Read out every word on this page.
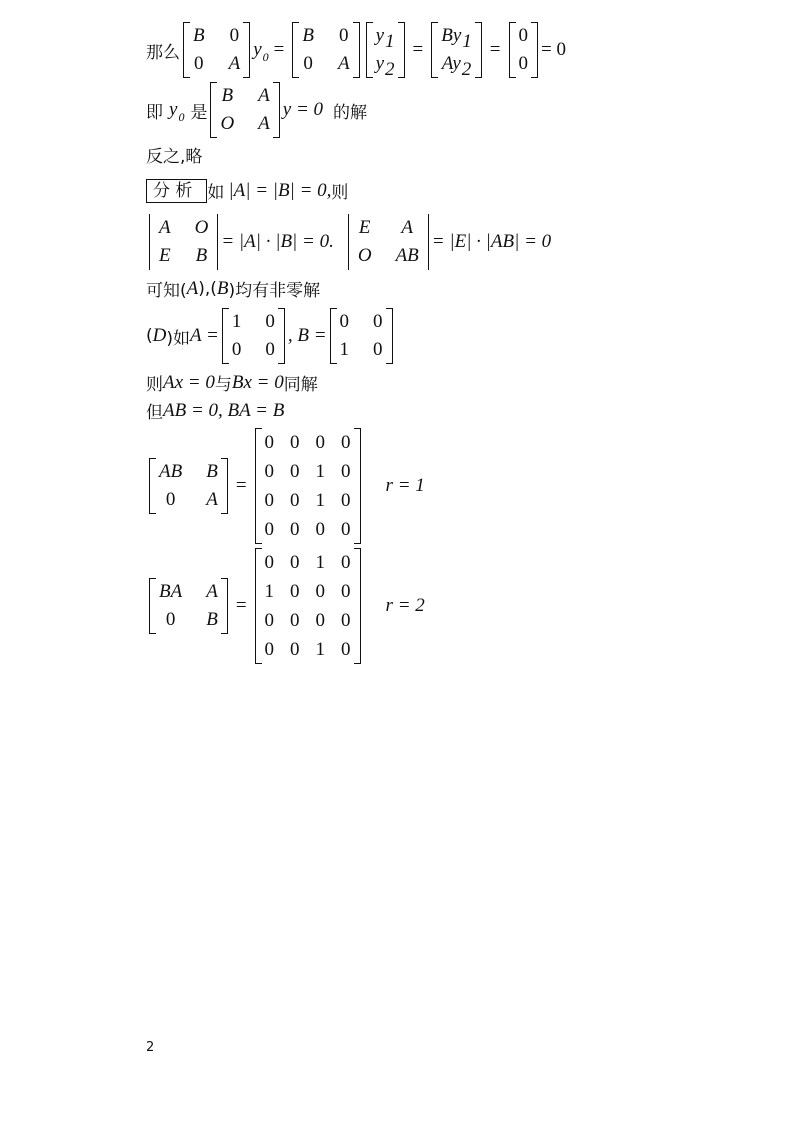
那么
B 0
0 A
$y_0$ =
B 0
0 A
y1
y2
=
By1
Ay2
=
0
0
= 0
即 $y_0$ 是
B A
O A
y = 0 的解
反之,略
分 析 如 |A| = |B| = 0, 则
A O
E B
= |A| · |B| = 0.
E A
O AB
= |E| · |AB| = 0
可知( A ),( B )均有非零解
( D )如 A =
1 0
0 0
, B =
0 0
1 0
则 Ax = 0 与 Bx = 0 同解
但 AB = 0, BA = B
AB B
0 A
=
0 0 0 0
0 0 1 0
0 0 1 0
0 0 0 0
r = 1
BA A
0 B
=
0 0 1 0
1 0 0 0
0 0 0 0
0 0 1 0
r = 2
2
